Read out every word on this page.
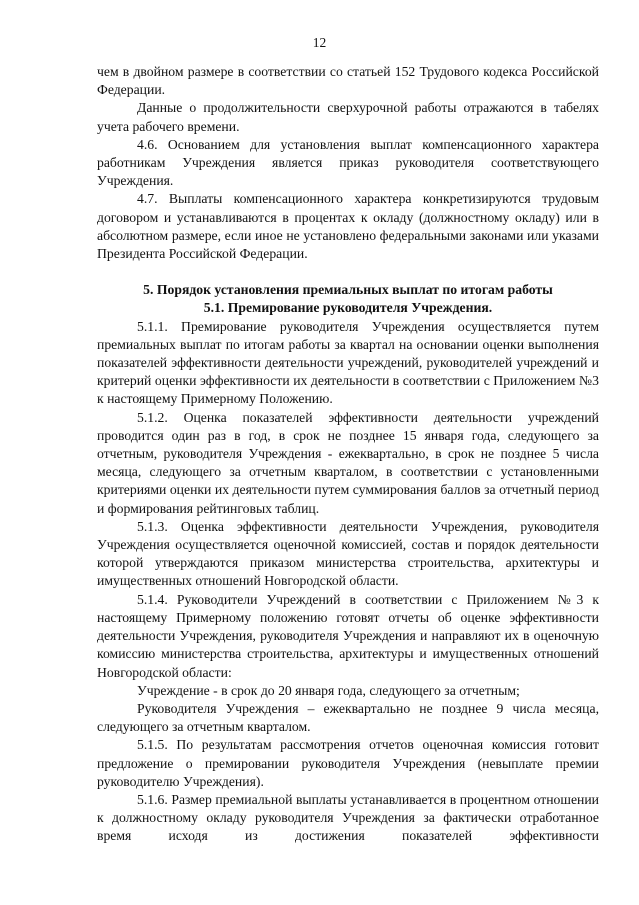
12

чем в двойном размере в соответствии со статьей 152 Трудового кодекса Российской Федерации.

Данные о продолжительности сверхурочной работы отражаются в табелях учета рабочего времени.

4.6. Основанием для установления выплат компенсационного характера работникам Учреждения является приказ руководителя соответствующего Учреждения.

4.7. Выплаты компенсационного характера конкретизируются трудовым договором и устанавливаются в процентах к окладу (должностному окладу) или в абсолютном размере, если иное не установлено федеральными законами или указами Президента Российской Федерации.

5. Порядок установления премиальных выплат по итогам работы

5.1. Премирование руководителя Учреждения.

5.1.1. Премирование руководителя Учреждения осуществляется путем премиальных выплат по итогам работы за квартал на основании оценки выполнения показателей эффективности деятельности учреждений, руководителей учреждений и критерий оценки эффективности их деятельности в соответствии с Приложением №3 к настоящему Примерному Положению.

5.1.2. Оценка показателей эффективности деятельности учреждений проводится один раз в год, в срок не позднее 15 января года, следующего за отчетным, руководителя Учреждения - ежеквартально, в срок не позднее 5 числа месяца, следующего за отчетным кварталом, в соответствии с установленными критериями оценки их деятельности путем суммирования баллов за отчетный период и формирования рейтинговых таблиц.

5.1.3. Оценка эффективности деятельности Учреждения, руководителя Учреждения осуществляется оценочной комиссией, состав и порядок деятельности которой утверждаются приказом министерства строительства, архитектуры и имущественных отношений Новгородской области.

5.1.4. Руководители Учреждений в соответствии с Приложением №3 к настоящему Примерному положению готовят отчеты об оценке эффективности деятельности Учреждения, руководителя Учреждения и направляют их в оценочную комиссию министерства строительства, архитектуры и имущественных отношений Новгородской области:

Учреждение - в срок до 20 января года, следующего за отчетным;

Руководителя Учреждения – ежеквартально не позднее 9 числа месяца, следующего за отчетным кварталом.

5.1.5. По результатам рассмотрения отчетов оценочная комиссия готовит предложение о премировании руководителя Учреждения (невыплате премии руководителю Учреждения).

5.1.6. Размер премиальной выплаты устанавливается в процентном отношении к должностному окладу руководителя Учреждения за фактически отработанное время исходя из достижения показателей эффективности
